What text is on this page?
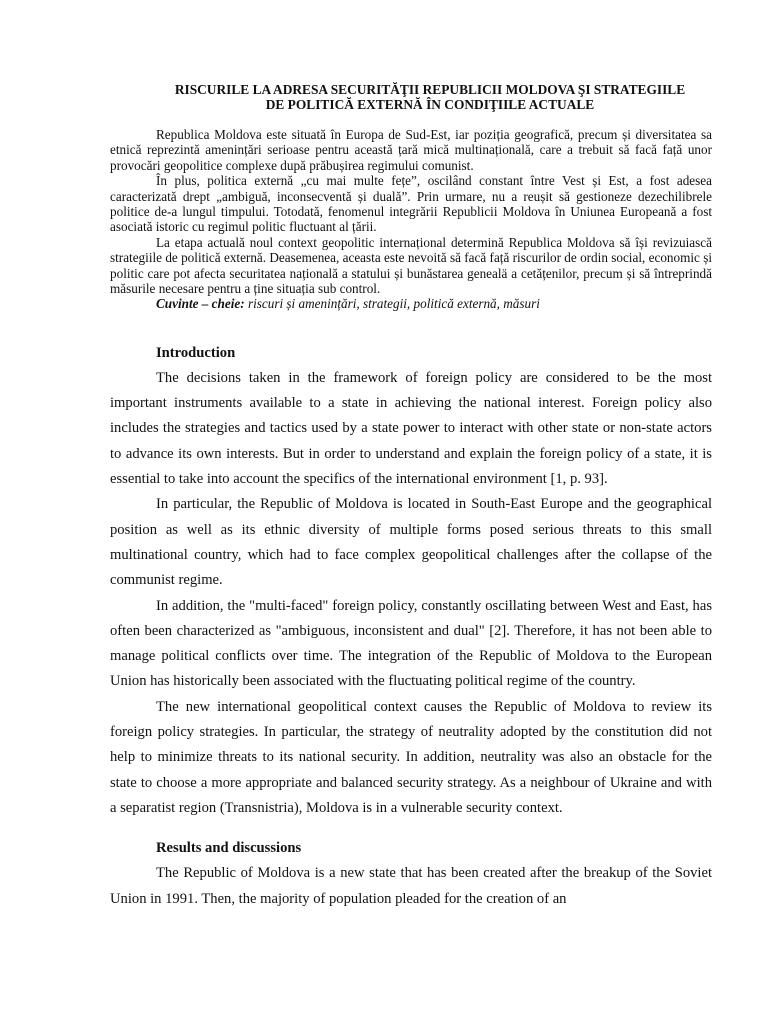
RISCURILE LA ADRESA SECURITĂŢII REPUBLICII MOLDOVA ŞI STRATEGIILE
DE POLITICĂ EXTERNĂ ÎN CONDIŢIILE ACTUALE

Republica Moldova este situată în Europa de Sud-Est, iar poziția geografică, precum și diversitatea sa etnică reprezintă amenințări serioase pentru această țară mică multinațională, care a trebuit să facă față unor provocări geopolitice complexe după prăbușirea regimului comunist.

În plus, politica externă „cu mai multe fețe”, oscilând constant între Vest și Est, a fost adesea caracterizată drept „ambiguă, inconsecventă și duală”. Prin urmare, nu a reușit să gestioneze dezechilibrele politice de-a lungul timpului. Totodată, fenomenul integrării Republicii Moldova în Uniunea Europeană a fost asociată istoric cu regimul politic fluctuant al țării.

La etapa actuală noul context geopolitic internațional determină Republica Moldova să își revizuiască strategiile de politică externă. Deasemenea, aceasta este nevoită să facă față riscurilor de ordin social, economic și politic care pot afecta securitatea națională a statului și bunăstarea genealä a cetățenilor, precum și să întreprindă măsurile necesare pentru a ține situația sub control.

Cuvinte – cheie: riscuri și amenințări, strategii, politică externă, măsuri

Introduction

The decisions taken in the framework of foreign policy are considered to be the most important instruments available to a state in achieving the national interest. Foreign policy also includes the strategies and tactics used by a state power to interact with other state or non-state actors to advance its own interests. But in order to understand and explain the foreign policy of a state, it is essential to take into account the specifics of the international environment [1, p. 93].

In particular, the Republic of Moldova is located in South-East Europe and the geographical position as well as its ethnic diversity of multiple forms posed serious threats to this small multinational country, which had to face complex geopolitical challenges after the collapse of the communist regime.

In addition, the "multi-faced" foreign policy, constantly oscillating between West and East, has often been characterized as "ambiguous, inconsistent and dual" [2]. Therefore, it has not been able to manage political conflicts over time. The integration of the Republic of Moldova to the European Union has historically been associated with the fluctuating political regime of the country.

The new international geopolitical context causes the Republic of Moldova to review its foreign policy strategies. In particular, the strategy of neutrality adopted by the constitution did not help to minimize threats to its national security. In addition, neutrality was also an obstacle for the state to choose a more appropriate and balanced security strategy. As a neighbour of Ukraine and with a separatist region (Transnistria), Moldova is in a vulnerable security context.

Results and discussions

The Republic of Moldova is a new state that has been created after the breakup of the Soviet Union in 1991. Then, the majority of population pleaded for the creation of an
